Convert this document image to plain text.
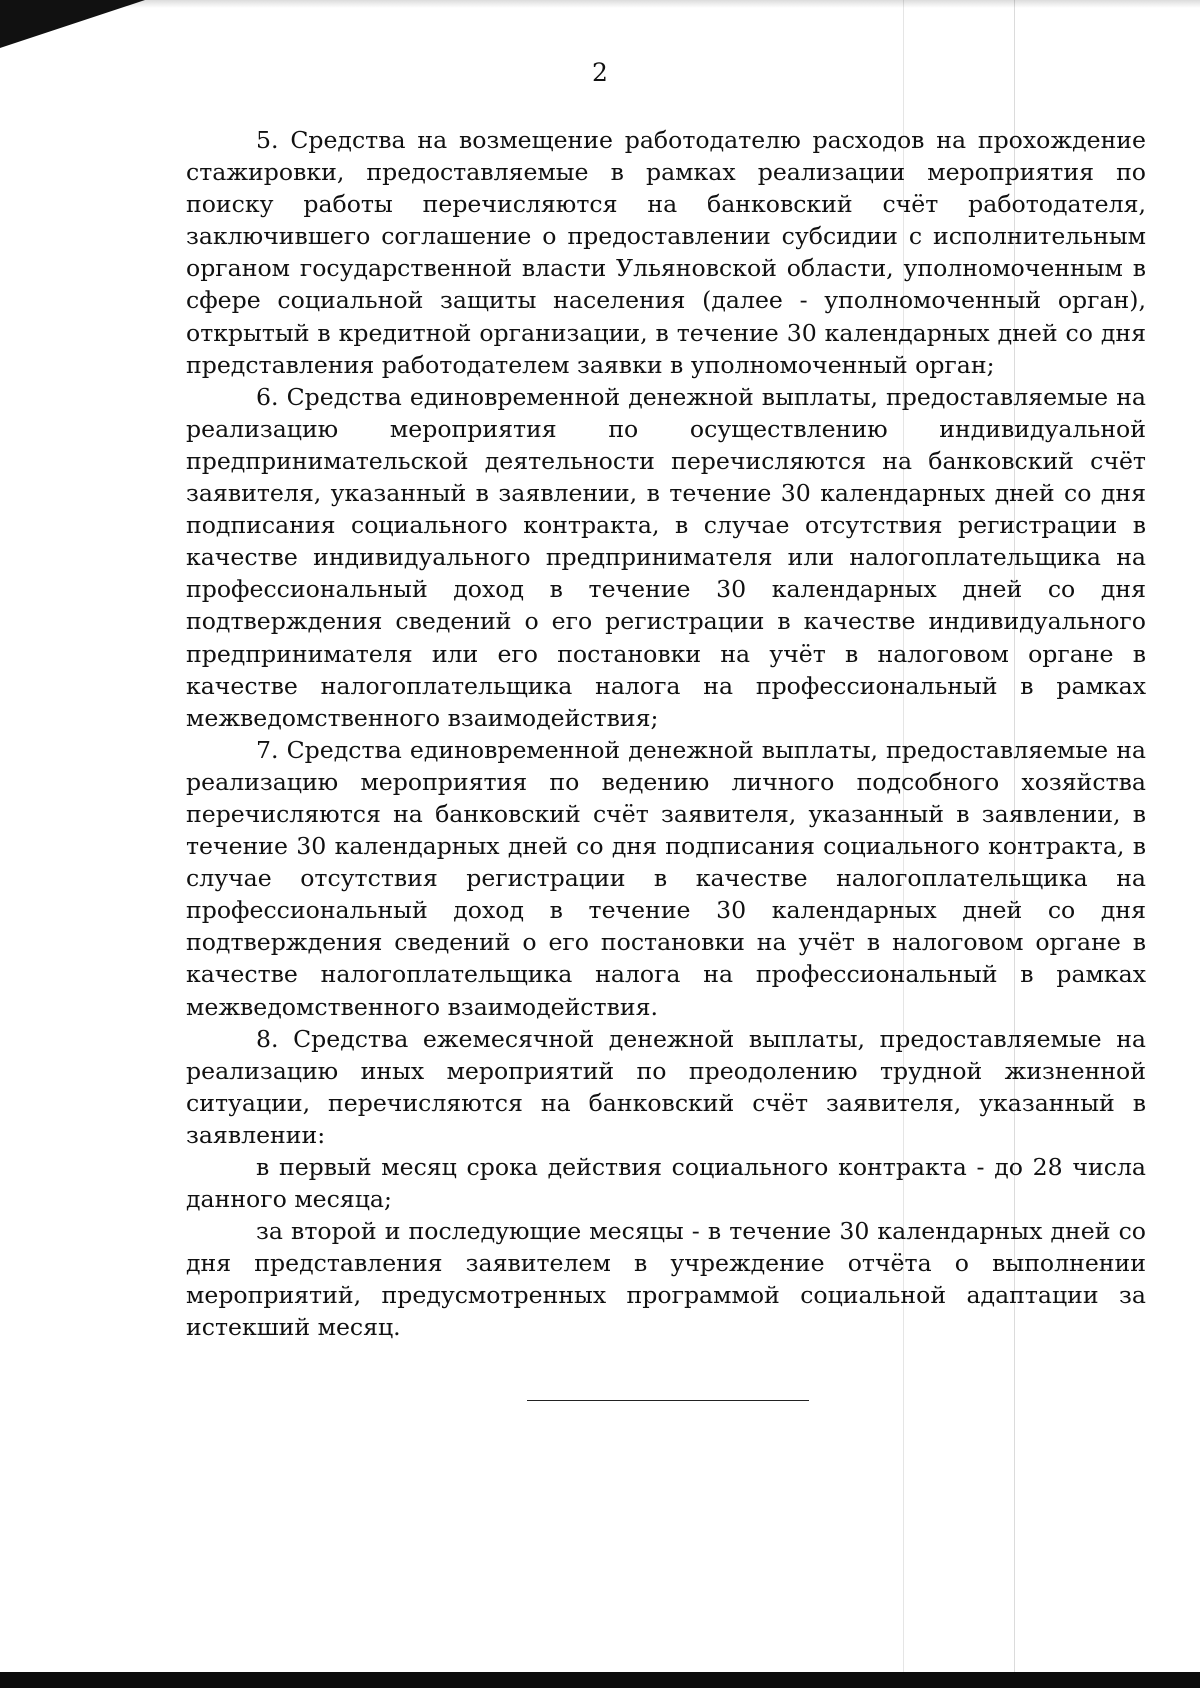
2

5. Средства на возмещение работодателю расходов на прохождение стажировки, предоставляемые в рамках реализации мероприятия по поиску работы перечисляются на банковский счёт работодателя, заключившего соглашение о предоставлении субсидии с исполнительным органом государственной власти Ульяновской области, уполномоченным в сфере социальной защиты населения (далее - уполномоченный орган), открытый в кредитной организации, в течение 30 календарных дней со дня представления работодателем заявки в уполномоченный орган;

6. Средства единовременной денежной выплаты, предоставляемые на реализацию мероприятия по осуществлению индивидуальной предпринимательской деятельности перечисляются на банковский счёт заявителя, указанный в заявлении, в течение 30 календарных дней со дня подписания социального контракта, в случае отсутствия регистрации в качестве индивидуального предпринимателя или налогоплательщика на профессиональный доход в течение 30 календарных дней со дня подтверждения сведений о его регистрации в качестве индивидуального предпринимателя или его постановки на учёт в налоговом органе в качестве налогоплательщика налога на профессиональный в рамках межведомственного взаимодействия;

7. Средства единовременной денежной выплаты, предоставляемые на реализацию мероприятия по ведению личного подсобного хозяйства перечисляются на банковский счёт заявителя, указанный в заявлении, в течение 30 календарных дней со дня подписания социального контракта, в случае отсутствия регистрации в качестве налогоплательщика на профессиональный доход в течение 30 календарных дней со дня подтверждения сведений о его постановки на учёт в налоговом органе в качестве налогоплательщика налога на профессиональный в рамках межведомственного взаимодействия.

8. Средства ежемесячной денежной выплаты, предоставляемые на реализацию иных мероприятий по преодолению трудной жизненной ситуации, перечисляются на банковский счёт заявителя, указанный в заявлении:

в первый месяц срока действия социального контракта - до 28 числа данного месяца;

за второй и последующие месяцы - в течение 30 календарных дней со дня представления заявителем в учреждение отчёта о выполнении мероприятий, предусмотренных программой социальной адаптации за истекший месяц.
